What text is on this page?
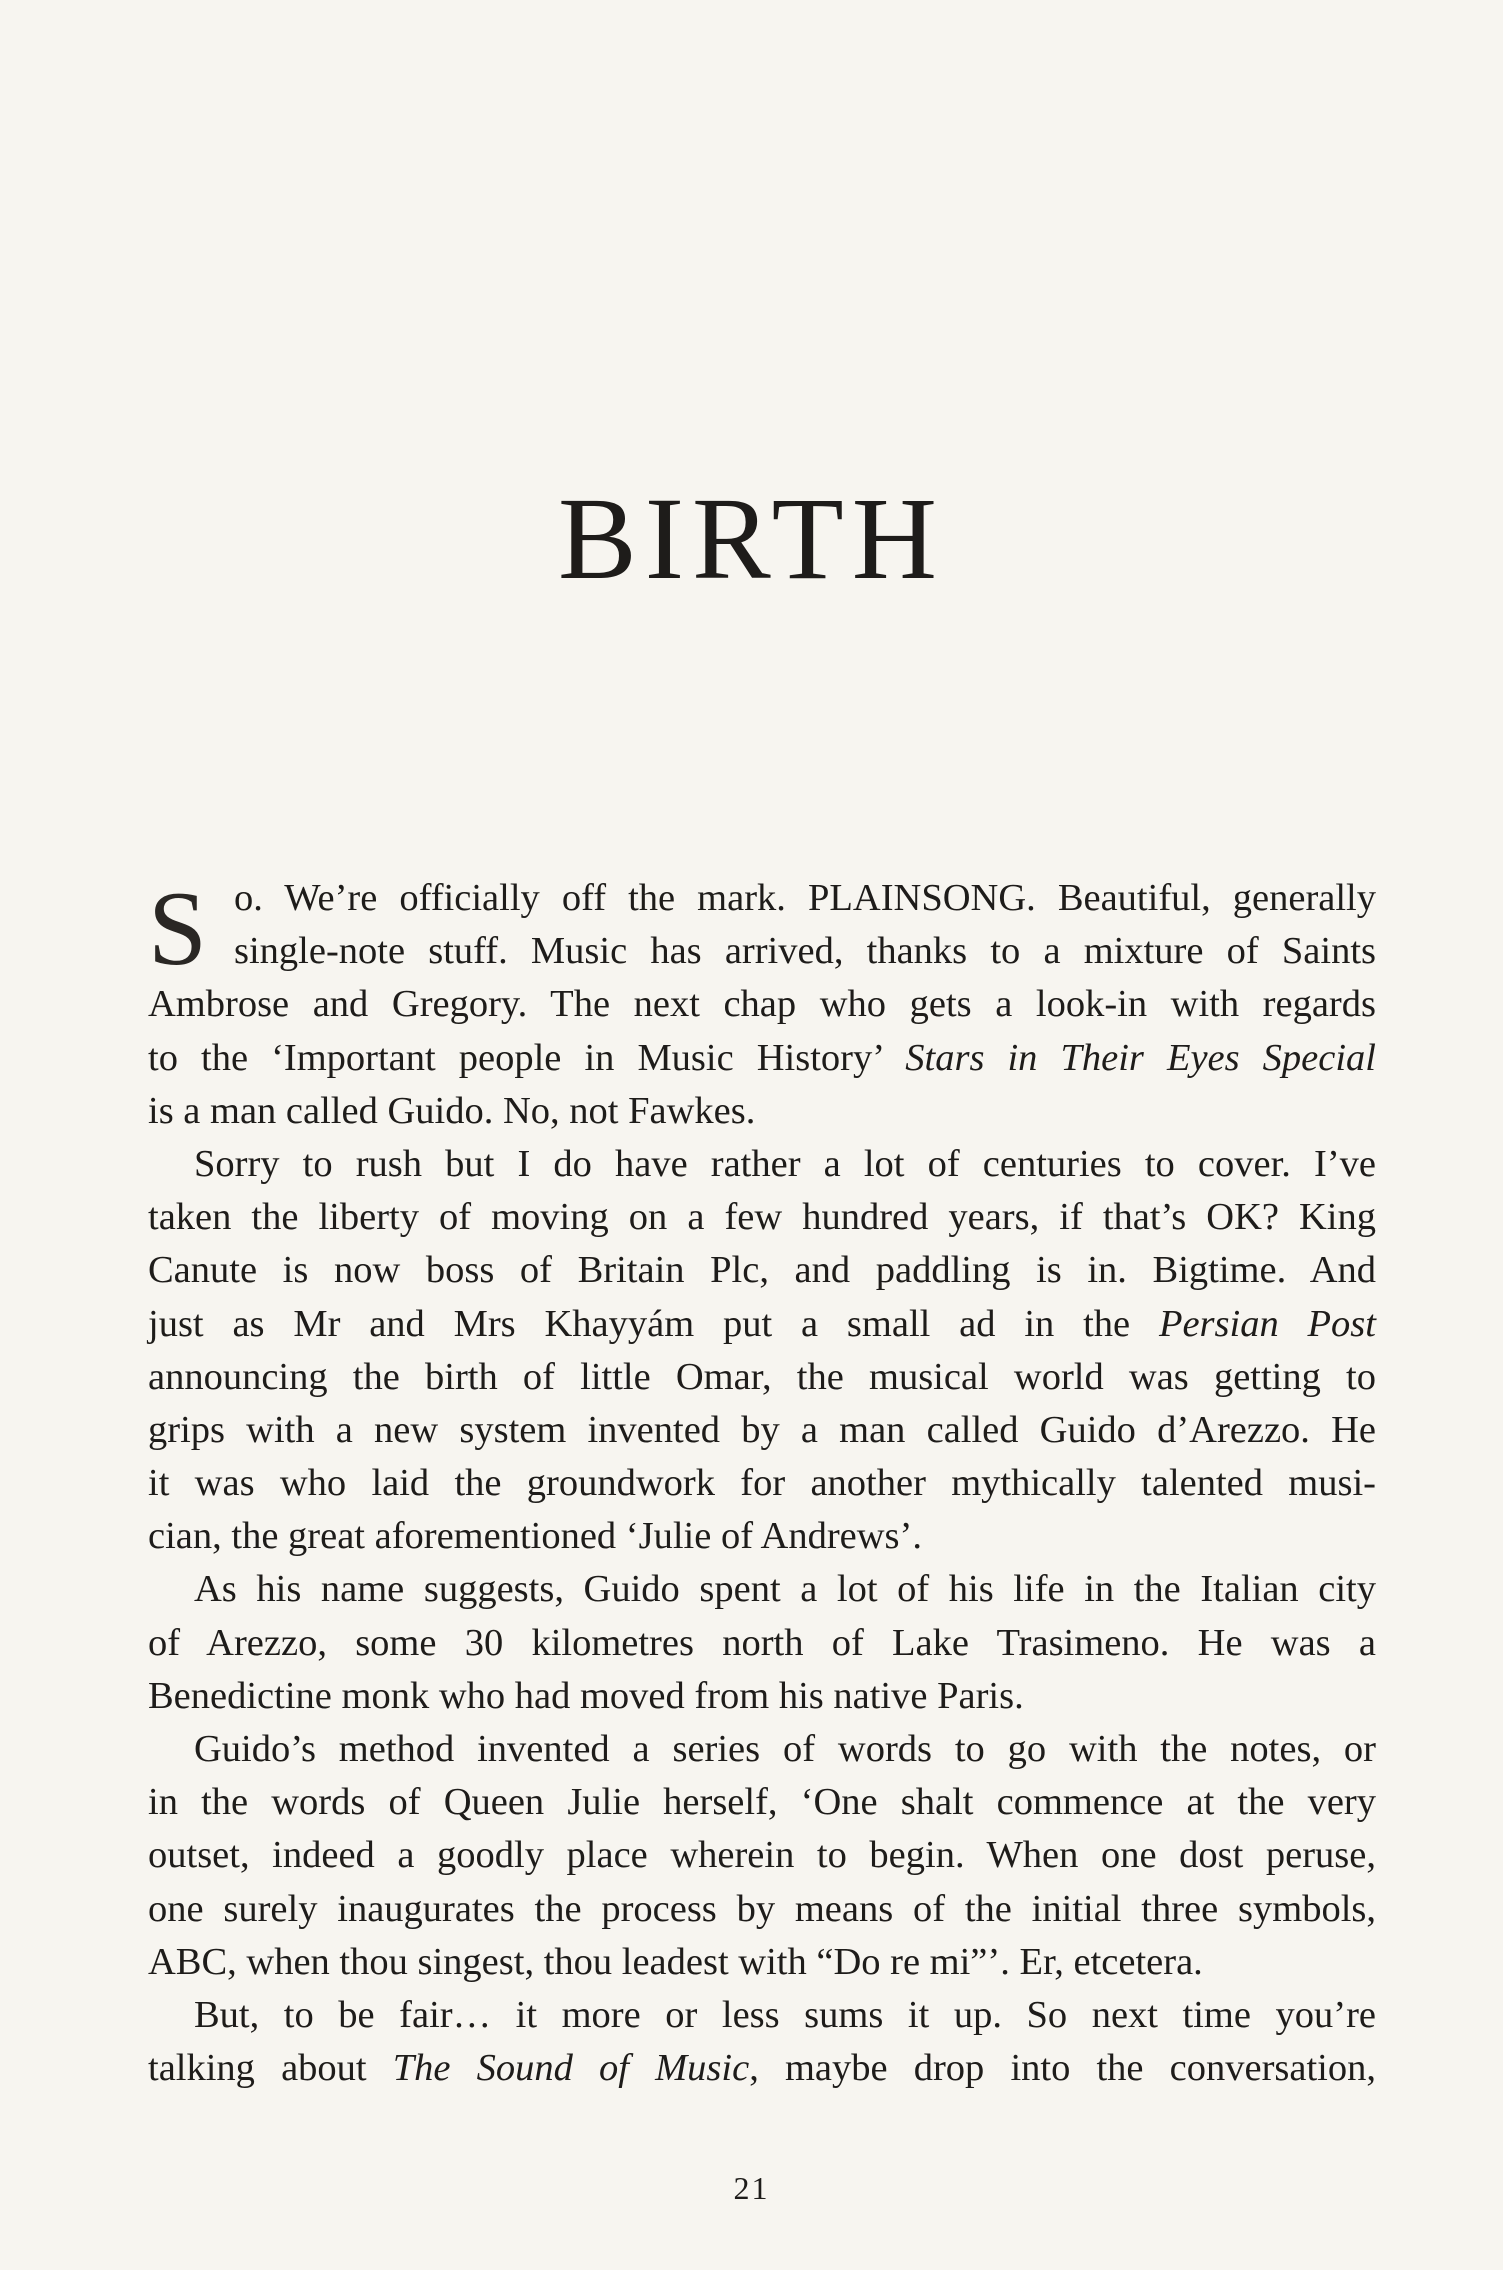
BIRTH
S o. We’re officially off the mark. PLAINSONG. Beautiful, generally
single-note stuff. Music has arrived, thanks to a mixture of Saints
Ambrose and Gregory. The next chap who gets a look-in with regards
to the ‘Important people in Music History’ Stars in Their Eyes Special
is a man called Guido. No, not Fawkes.
Sorry to rush but I do have rather a lot of centuries to cover. I’ve
taken the liberty of moving on a few hundred years, if that’s OK? King
Canute is now boss of Britain Plc, and paddling is in. Bigtime. And
just as Mr and Mrs Khayyám put a small ad in the Persian Post
announcing the birth of little Omar, the musical world was getting to
grips with a new system invented by a man called Guido d’Arezzo. He
it was who laid the groundwork for another mythically talented musi-
cian, the great aforementioned ‘Julie of Andrews’.
As his name suggests, Guido spent a lot of his life in the Italian city
of Arezzo, some 30 kilometres north of Lake Trasimeno. He was a
Benedictine monk who had moved from his native Paris.
Guido’s method invented a series of words to go with the notes, or
in the words of Queen Julie herself, ‘One shalt commence at the very
outset, indeed a goodly place wherein to begin. When one dost peruse,
one surely inaugurates the process by means of the initial three symbols,
ABC, when thou singest, thou leadest with “Do re mi”’. Er, etcetera.
But, to be fair… it more or less sums it up. So next time you’re
talking about The Sound of Music, maybe drop into the conversation,
21
